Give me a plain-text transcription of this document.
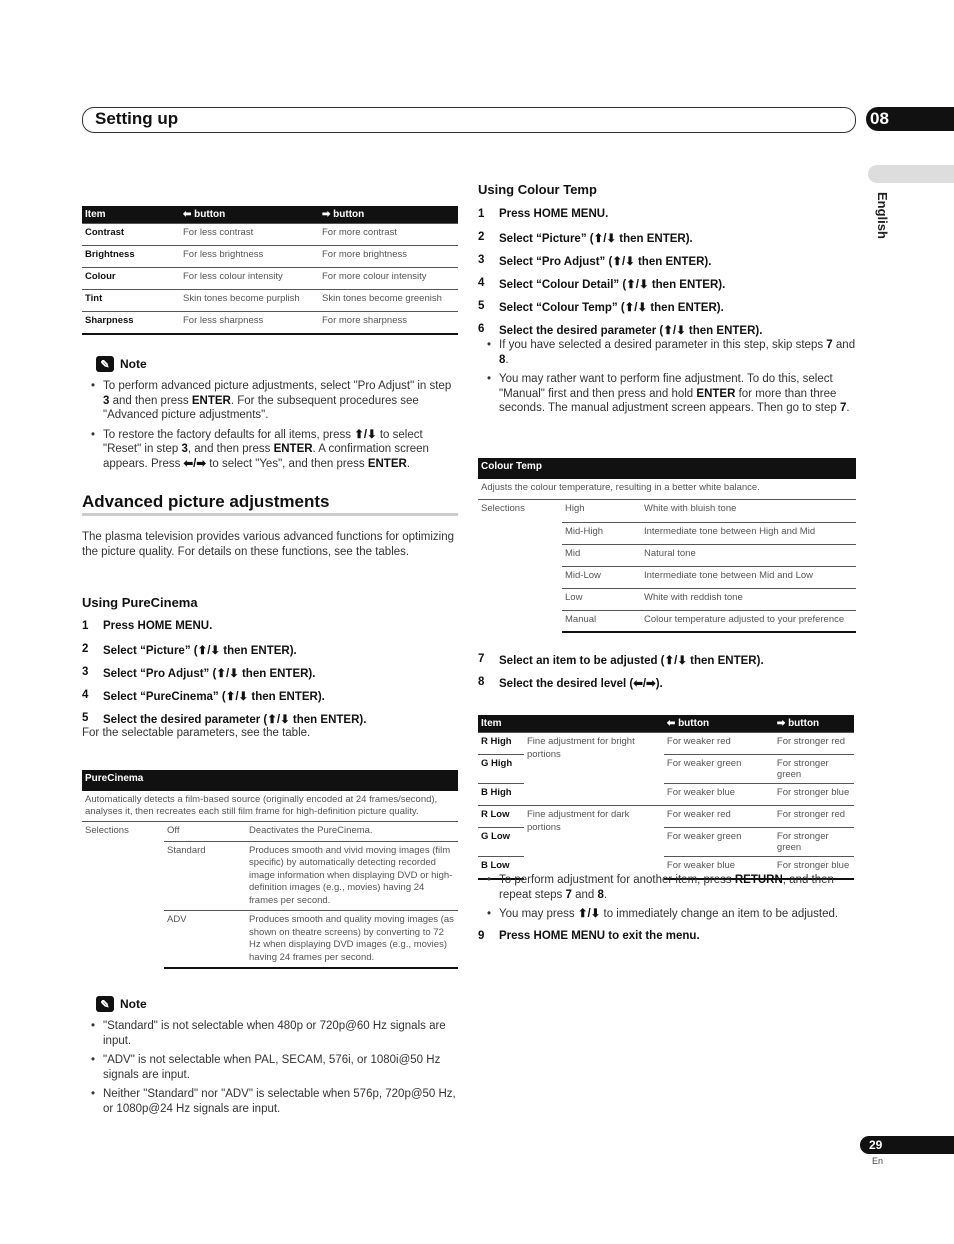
Setting up	08
English
Item	⬅ button	➡ button
Contrast	For less contrast	For more contrast
Brightness	For less brightness	For more brightness
Colour	For less colour intensity	For more colour intensity
Tint	Skin tones become purplish	Skin tones become greenish
Sharpness	For less sharpness	For more sharpness
✎ Note
• To perform advanced picture adjustments, select "Pro Adjust" in step 3 and then press ENTER. For the subsequent procedures see "Advanced picture adjustments".
• To restore the factory defaults for all items, press ⬆/⬇ to select "Reset" in step 3, and then press ENTER. A confirmation screen appears. Press ⬅/➡ to select "Yes", and then press ENTER.
Advanced picture adjustments
The plasma television provides various advanced functions for optimizing the picture quality. For details on these functions, see the tables.
Using PureCinema
1	Press HOME MENU.
2	Select “Picture” (⬆/⬇ then ENTER).
3	Select “Pro Adjust” (⬆/⬇ then ENTER).
4	Select “PureCinema” (⬆/⬇ then ENTER).
5	Select the desired parameter (⬆/⬇ then ENTER).
For the selectable parameters, see the table.
PureCinema
Automatically detects a film-based source (originally encoded at 24 frames/second), analyses it, then recreates each still film frame for high-definition picture quality.
Selections	Off	Deactivates the PureCinema.
	Standard	Produces smooth and vivid moving images (film specific) by automatically detecting recorded image information when displaying DVD or high-definition images (e.g., movies) having 24 frames per second.
	ADV	Produces smooth and quality moving images (as shown on theatre screens) by converting to 72 Hz when displaying DVD images (e.g., movies) having 24 frames per second.
✎ Note
• "Standard" is not selectable when 480p or 720p@60 Hz signals are input.
• "ADV" is not selectable when PAL, SECAM, 576i, or 1080i@50 Hz signals are input.
• Neither "Standard" nor "ADV" is selectable when 576p, 720p@50 Hz, or 1080p@24 Hz signals are input.
Using Colour Temp
1	Press HOME MENU.
2	Select “Picture” (⬆/⬇ then ENTER).
3	Select “Pro Adjust” (⬆/⬇ then ENTER).
4	Select “Colour Detail” (⬆/⬇ then ENTER).
5	Select “Colour Temp” (⬆/⬇ then ENTER).
6	Select the desired parameter (⬆/⬇ then ENTER).
• If you have selected a desired parameter in this step, skip steps 7 and 8.
• You may rather want to perform fine adjustment. To do this, select "Manual" first and then press and hold ENTER for more than three seconds. The manual adjustment screen appears. Then go to step 7.
Colour Temp
Adjusts the colour temperature, resulting in a better white balance.
Selections	High	White with bluish tone
	Mid-High	Intermediate tone between High and Mid
	Mid	Natural tone
	Mid-Low	Intermediate tone between Mid and Low
	Low	White with reddish tone
	Manual	Colour temperature adjusted to your preference
7	Select an item to be adjusted (⬆/⬇ then ENTER).
8	Select the desired level (⬅/➡).
Item		⬅ button	➡ button
R High	Fine adjustment for bright portions	For weaker red	For stronger red
G High		For weaker green	For stronger green
B High		For weaker blue	For stronger blue
R Low	Fine adjustment for dark portions	For weaker red	For stronger red
G Low		For weaker green	For stronger green
B Low		For weaker blue	For stronger blue
• To perform adjustment for another item, press RETURN, and then repeat steps 7 and 8.
• You may press ⬆/⬇ to immediately change an item to be adjusted.
9	Press HOME MENU to exit the menu.
29
En
